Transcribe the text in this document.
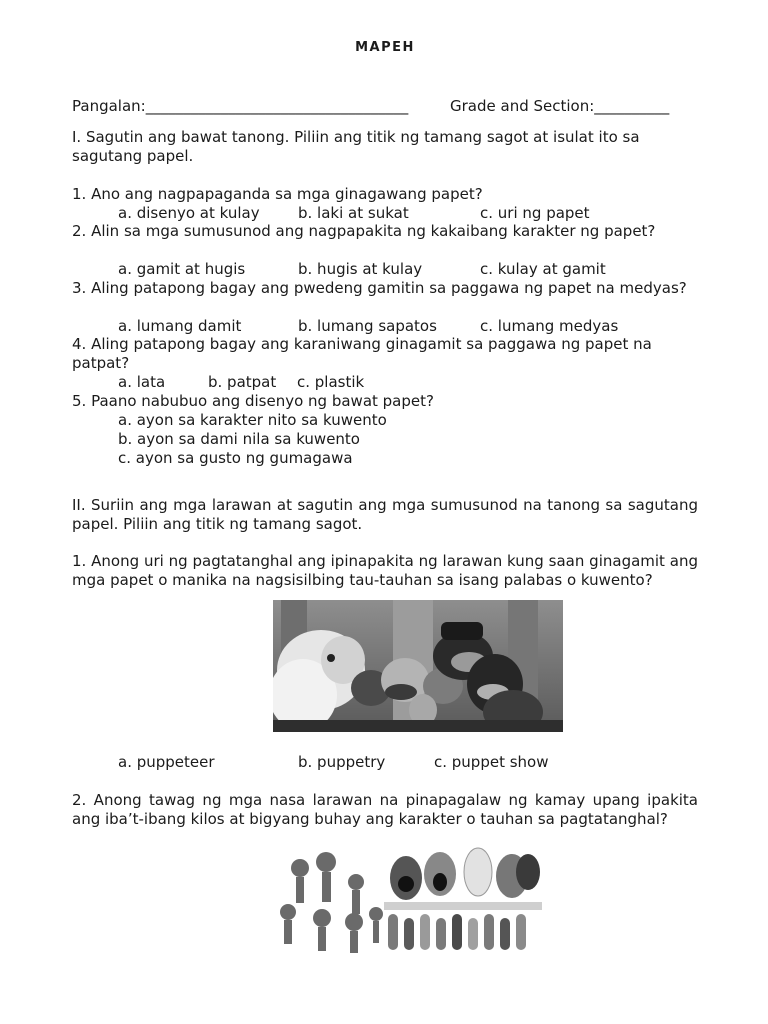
MAPEH
Pangalan:___________________________________	Grade and Section:__________
I. Sagutin ang bawat tanong. Piliin ang titik ng tamang sagot at isulat ito sa sagutang papel.
1. Ano ang nagpapaganda sa mga ginagawang papet?
a. disenyo at kulay	b. laki at sukat	c. uri ng papet
2. Alin sa mga sumusunod ang nagpapakita ng kakaibang karakter ng papet?
a. gamit at hugis	b. hugis at kulay	c. kulay at gamit
3. Aling patapong bagay ang pwedeng gamitin sa paggawa ng papet na medyas?
a. lumang damit	b. lumang sapatos	c. lumang medyas
4. Aling patapong bagay ang karaniwang ginagamit sa paggawa ng papet na patpat?
a. lata	b. patpat c. plastik
5. Paano nabubuo ang disenyo ng bawat papet?
a. ayon sa karakter nito sa kuwento
b. ayon sa dami nila sa kuwento
c. ayon sa gusto ng gumagawa
II. Suriin ang mga larawan at sagutin ang mga sumusunod na tanong sa sagutang papel. Piliin ang titik ng tamang sagot.
1. Anong uri ng pagtatanghal ang ipinapakita ng larawan kung saan ginagamit ang mga papet o manika na nagsisilbing tau-tauhan sa isang palabas o kuwento?
a. puppeteer	b. puppetry	c. puppet show
2. Anong tawag ng mga nasa larawan na pinapagalaw ng kamay upang ipakita ang iba’t-ibang kilos at bigyang buhay ang karakter o tauhan sa pagtatanghal?
